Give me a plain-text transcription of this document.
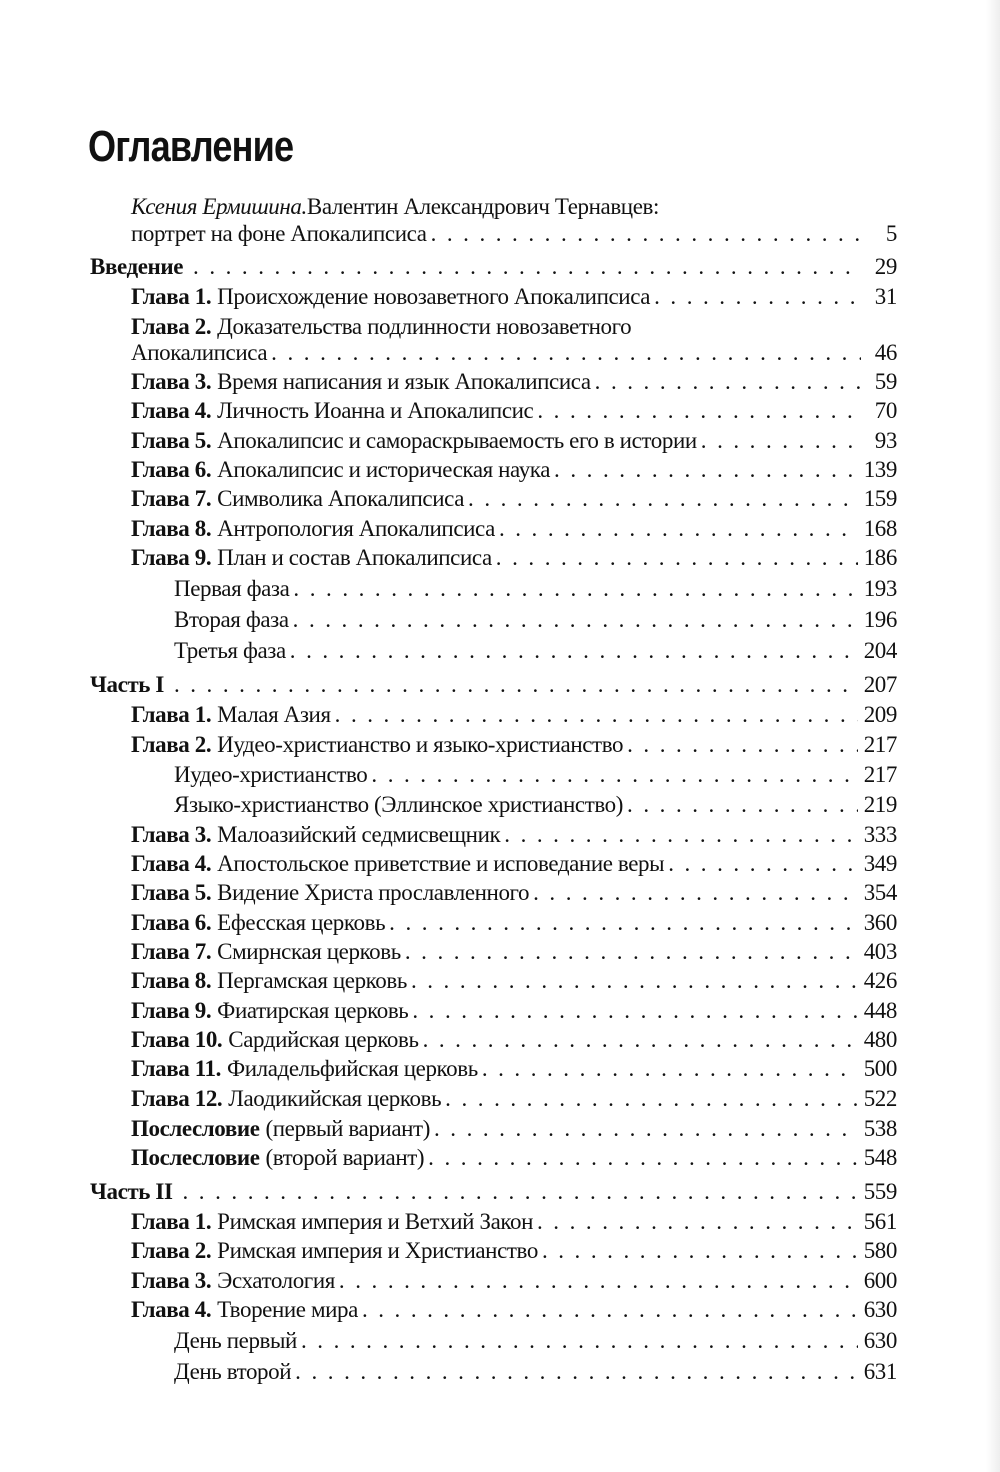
Оглавление
Ксения Ермишина. Валентин Александрович Тернавцев:
портрет на фоне Апокалипсиса . . .	5
Введение . . .	29
Глава 1. Происхождение новозаветного Апокалипсиса . . .	31
Глава 2. Доказательства подлинности новозаветного
Апокалипсиса . . .	46
Глава 3. Время написания и язык Апокалипсиса . . .	59
Глава 4. Личность Иоанна и Апокалипсис . . .	70
Глава 5. Апокалипсис и самораскрываемость его в истории . . .	93
Глава 6. Апокалипсис и историческая наука . . .	139
Глава 7. Символика Апокалипсиса . . .	159
Глава 8. Антропология Апокалипсиса . . .	168
Глава 9. План и состав Апокалипсиса . . .	186
Первая фаза . . .	193
Вторая фаза . . .	196
Третья фаза . . .	204
Часть I . . .	207
Глава 1. Малая Азия . . .	209
Глава 2. Иудео-христианство и языко-христианство . . .	217
Иудео-христианство . . .	217
Языко-христианство (Эллинское христианство) . . .	219
Глава 3. Малоазийский седмисвещник . . .	333
Глава 4. Апостольское приветствие и исповедание веры . . .	349
Глава 5. Видение Христа прославленного . . .	354
Глава 6. Ефесская церковь . . .	360
Глава 7. Смирнская церковь . . .	403
Глава 8. Пергамская церковь . . .	426
Глава 9. Фиатирская церковь . . .	448
Глава 10. Сардийская церковь . . .	480
Глава 11. Филадельфийская церковь . . .	500
Глава 12. Лаодикийская церковь . . .	522
Послесловие (первый вариант) . . .	538
Послесловие (второй вариант) . . .	548
Часть II . . .	559
Глава 1. Римская империя и Ветхий Закон . . .	561
Глава 2. Римская империя и Христианство . . .	580
Глава 3. Эсхатология . . .	600
Глава 4. Творение мира . . .	630
День первый . . .	630
День второй . . .	631
